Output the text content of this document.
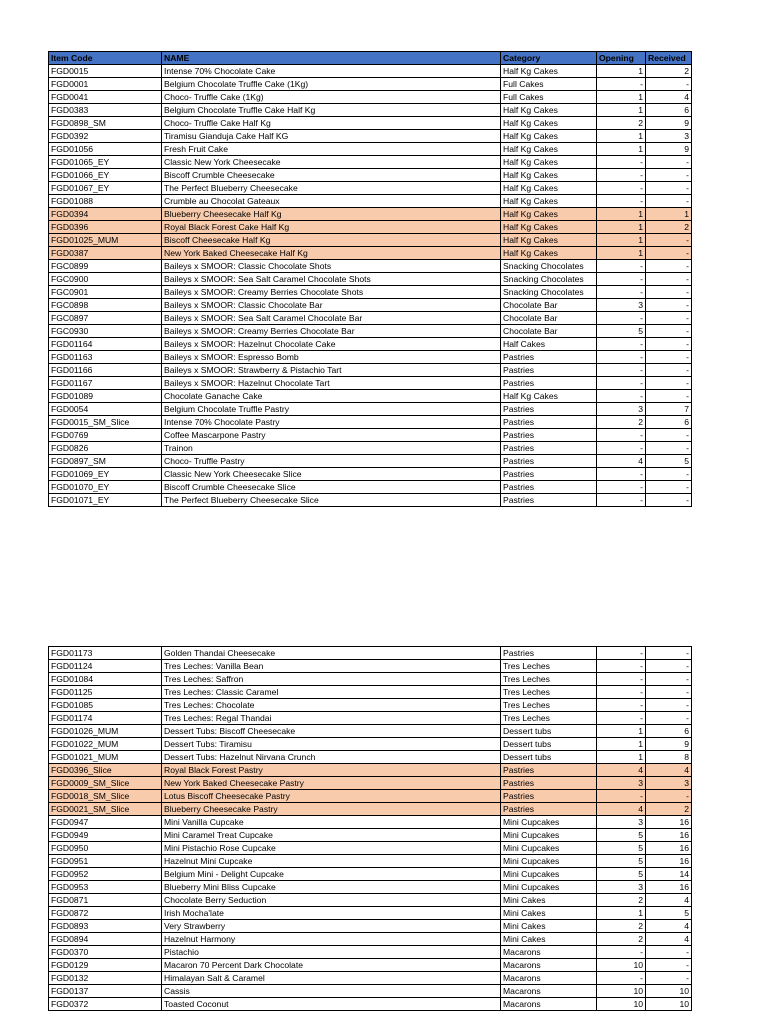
Item Code	NAME	Category	Opening	Received
FGD0015	Intense 70% Chocolate Cake	Half Kg Cakes	1	2
FGD0001	Belgium Chocolate Truffle Cake (1Kg)	Full Cakes	-	-
FGD0041	Choco- Truffle Cake (1Kg)	Full Cakes	1	4
FGD0383	Belgium Chocolate Truffle Cake Half Kg	Half Kg Cakes	1	6
FGD0898_SM	Choco- Truffle Cake Half Kg	Half Kg Cakes	2	9
FGD0392	Tiramisu Gianduja Cake Half KG	Half Kg Cakes	1	3
FGD01056	Fresh Fruit Cake	Half Kg Cakes	1	9
FGD01065_EY	Classic New York Cheesecake	Half Kg Cakes	-	-
FGD01066_EY	Biscoff Crumble Cheesecake	Half Kg Cakes	-	-
FGD01067_EY	The Perfect Blueberry Cheesecake	Half Kg Cakes	-	-
FGD01088	Crumble au Chocolat Gateaux	Half Kg Cakes	-	-
FGD0394	Blueberry Cheesecake Half Kg	Half Kg Cakes	1	1
FGD0396	Royal Black Forest Cake Half Kg	Half Kg Cakes	1	2
FGD01025_MUM	Biscoff Cheesecake Half Kg	Half Kg Cakes	1	-
FGD0387	New York Baked Cheesecake Half Kg	Half Kg Cakes	1	-
FGC0899	Baileys x SMOOR: Classic Chocolate Shots	Snacking Chocolates	-	-
FGC0900	Baileys x SMOOR: Sea Salt Caramel Chocolate Shots	Snacking Chocolates	-	-
FGC0901	Baileys x SMOOR: Creamy Berries Chocolate Shots	Snacking Chocolates	-	-
FGC0898	Baileys x SMOOR: Classic Chocolate Bar	Chocolate Bar	3	-
FGC0897	Baileys x SMOOR: Sea Salt Caramel Chocolate Bar	Chocolate Bar	-	-
FGC0930	Baileys x SMOOR: Creamy Berries Chocolate Bar	Chocolate Bar	5	-
FGD01164	Baileys x SMOOR: Hazelnut Chocolate Cake	Half Cakes	-	-
FGD01163	Baileys x SMOOR: Espresso Bomb	Pastries	-	-
FGD01166	Baileys x SMOOR: Strawberry & Pistachio Tart	Pastries	-	-
FGD01167	Baileys x SMOOR: Hazelnut Chocolate Tart	Pastries	-	-
FGD01089	Chocolate Ganache Cake	Half Kg Cakes	-	-
FGD0054	Belgium Chocolate Truffle Pastry	Pastries	3	7
FGD0015_SM_Slice	Intense 70% Chocolate Pastry	Pastries	2	6
FGD0769	Coffee Mascarpone Pastry	Pastries	-	-
FGD0826	Trainon	Pastries	-	-
FGD0897_SM	Choco- Truffle Pastry	Pastries	4	5
FGD01069_EY	Classic New York Cheesecake Slice	Pastries	-	-
FGD01070_EY	Biscoff Crumble Cheesecake Slice	Pastries	-	-
FGD01071_EY	The Perfect Blueberry Cheesecake Slice	Pastries	-	-
FGD01173	Golden Thandai Cheesecake	Pastries	-	-
FGD01124	Tres Leches: Vanilla Bean	Tres Leches	-	-
FGD01084	Tres Leches: Saffron	Tres Leches	-	-
FGD01125	Tres Leches: Classic Caramel	Tres Leches	-	-
FGD01085	Tres Leches: Chocolate	Tres Leches	-	-
FGD01174	Tres Leches: Regal Thandai	Tres Leches	-	-
FGD01026_MUM	Dessert Tubs: Biscoff Cheesecake	Dessert tubs	1	6
FGD01022_MUM	Dessert Tubs: Tiramisu	Dessert tubs	1	9
FGD01021_MUM	Dessert Tubs: Hazelnut Nirvana Crunch	Dessert tubs	1	8
FGD0396_Slice	Royal Black Forest Pastry	Pastries	4	4
FGD0009_SM_Slice	New York Baked Cheesecake Pastry	Pastries	3	3
FGD0018_SM_Slice	Lotus Biscoff Cheesecake Pastry	Pastries	-	-
FGD0021_SM_Slice	Blueberry Cheesecake Pastry	Pastries	4	2
FGD0947	Mini Vanilla Cupcake	Mini Cupcakes	3	16
FGD0949	Mini Caramel Treat Cupcake	Mini Cupcakes	5	16
FGD0950	Mini Pistachio Rose Cupcake	Mini Cupcakes	5	16
FGD0951	Hazelnut Mini Cupcake	Mini Cupcakes	5	16
FGD0952	Belgium Mini - Delight Cupcake	Mini Cupcakes	5	14
FGD0953	Blueberry Mini Bliss Cupcake	Mini Cupcakes	3	16
FGD0871	Chocolate Berry Seduction	Mini Cakes	2	4
FGD0872	Irish Mocha'late	Mini Cakes	1	5
FGD0893	Very Strawberry	Mini Cakes	2	4
FGD0894	Hazelnut Harmony	Mini Cakes	2	4
FGD0370	Pistachio	Macarons	-	-
FGD0129	Macaron 70 Percent Dark Chocolate	Macarons	10	-
FGD0132	Himalayan Salt & Caramel	Macarons	-	-
FGD0137	Cassis	Macarons	10	10
FGD0372	Toasted Coconut	Macarons	10	10
